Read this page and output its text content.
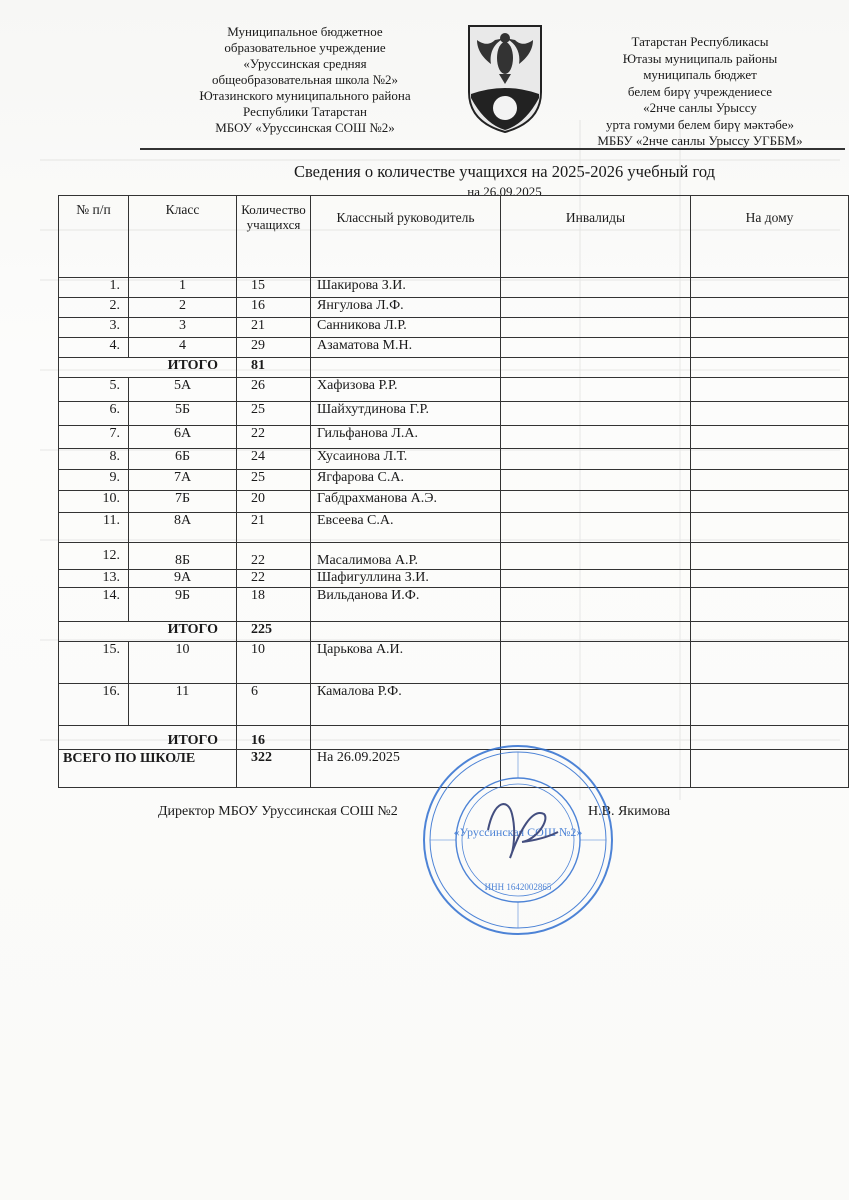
Муниципальное бюджетное
образовательное учреждение
«Уруссинская средняя
общеобразовательная школа №2»
Ютазинского муниципального района
Республики Татарстан
МБОУ «Уруссинская СОШ №2»
Татарстан Республикасы
Ютазы муниципаль районы
муниципаль бюджет
белем бирү учреждениесе
«2нче санлы Урыссу
урта гомуми белем бирү мәктәбе»
МББУ «2нче санлы Урыссу УГББМ»
Сведения о количестве учащихся на 2025-2026 учебный год
на 26.09.2025
№ п/п	Класс	Количество учащихся	Классный руководитель	Инвалиды	На дому
1.	1	15	Шакирова З.И.		
2.	2	16	Янгулова Л.Ф.		
3.	3	21	Санникова Л.Р.		
4.	4	29	Азаматова М.Н.		
ИТОГО		81			
5.	5А	26	Хафизова Р.Р.		
6.	5Б	25	Шайхутдинова Г.Р.		
7.	6А	22	Гильфанова Л.А.		
8.	6Б	24	Хусаинова Л.Т.		
9.	7А	25	Ягфарова С.А.		
10.	7Б	20	Габдрахманова А.Э.		
11.	8А	21	Евсеева С.А.		
12.	8Б	22	Масалимова А.Р.		
13.	9А	22	Шафигуллина З.И.		
14.	9Б	18	Вильданова И.Ф.		
ИТОГО		225			
15.	10	10	Царькова А.И.		
16.	11	6	Камалова Р.Ф.		
ИТОГО		16			
ВСЕГО ПО ШКОЛЕ		322	На 26.09.2025		
Директор МБОУ Уруссинская СОШ №2	Н.В. Якимова
«Уруссинская СОШ №2»
ИНН 1642002865
